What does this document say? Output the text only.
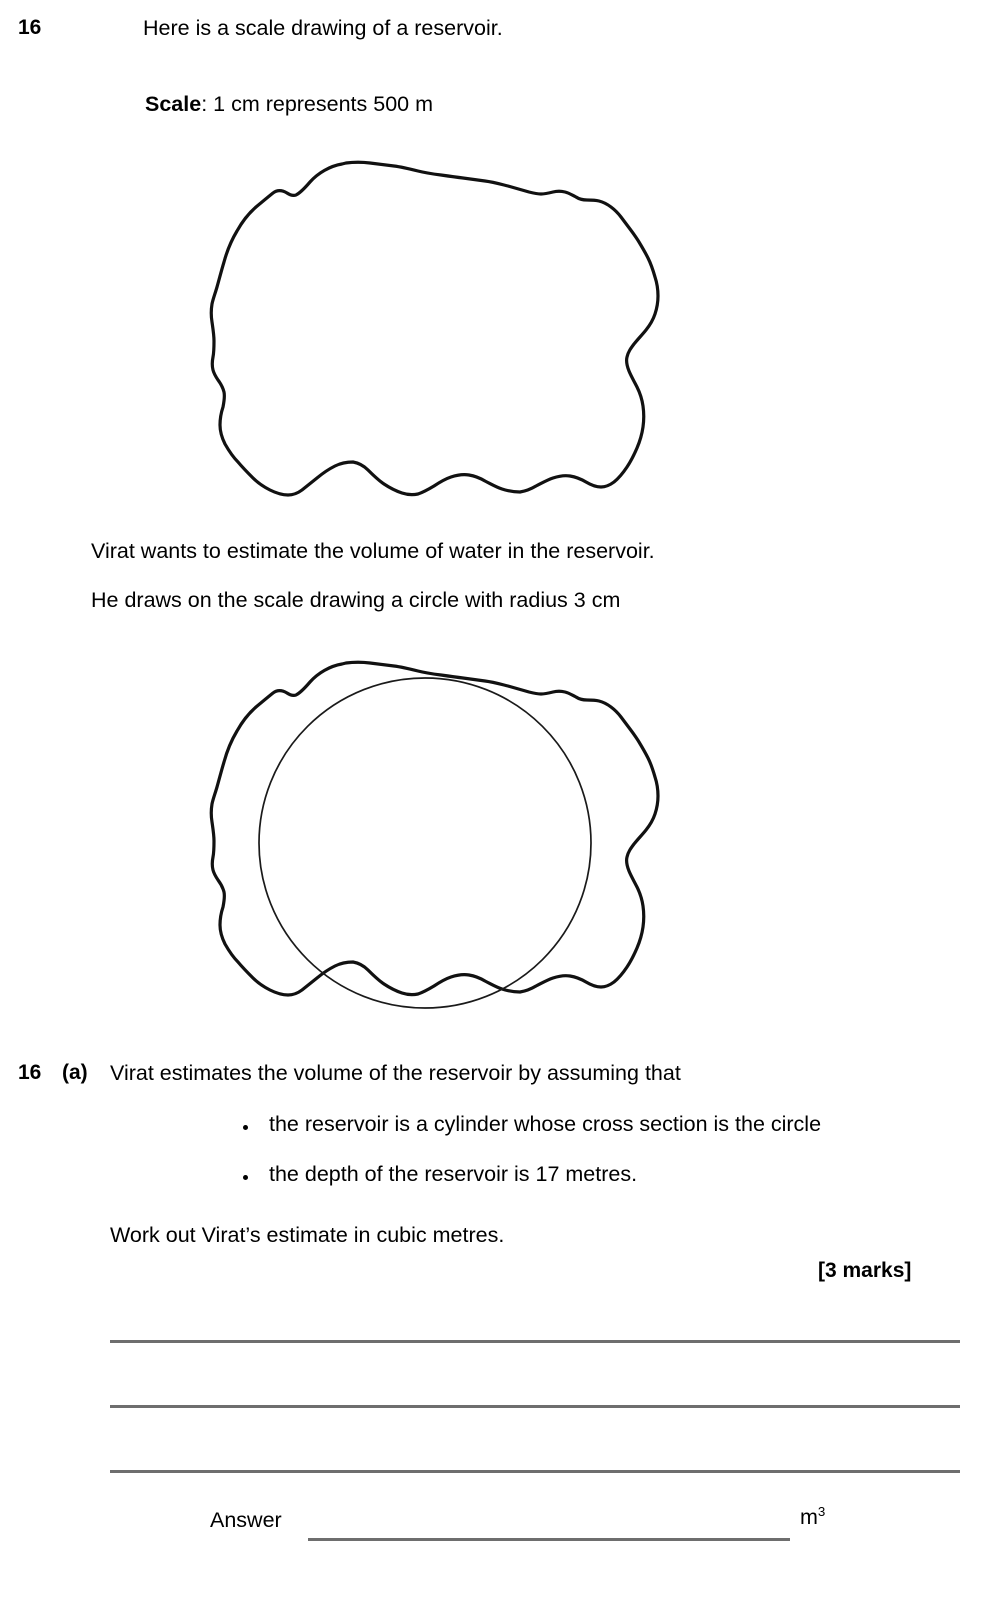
16	Here is a scale drawing of a reservoir.
Scale: 1 cm represents 500 m
Virat wants to estimate the volume of water in the reservoir.
He draws on the scale drawing a circle with radius 3 cm
16 (a) Virat estimates the volume of the reservoir by assuming that
the reservoir is a cylinder whose cross section is the circle
the depth of the reservoir is 17 metres.
Work out Virat’s estimate in cubic metres.
[3 marks]
Answer	$m^3$
